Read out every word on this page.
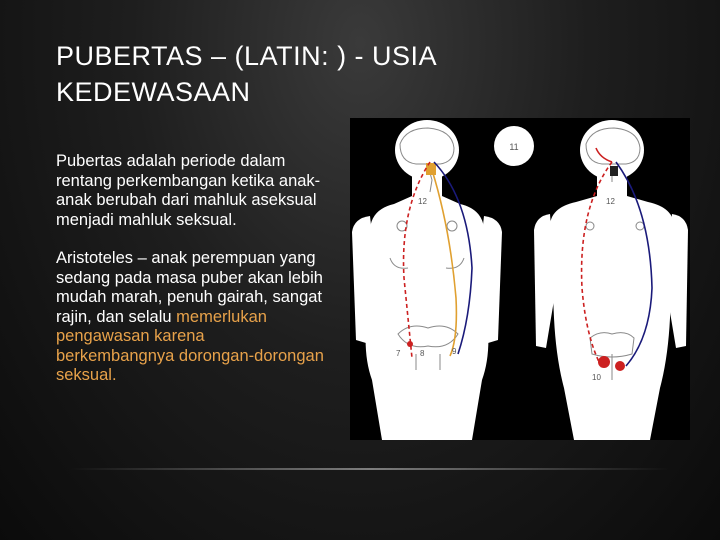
PUBERTAS – (LATIN: ) - USIA
KEDEWASAAN

Pubertas adalah periode dalam rentang perkembangan ketika anak-anak berubah dari mahluk aseksual menjadi mahluk seksual.

Aristoteles – anak perempuan yang sedang pada masa puber akan lebih mudah marah, penuh gairah, sangat rajin, dan selalu memerlukan pengawasan karena berkembangnya dorongan-dorongan seksual.

11
12	12
7 8	9
10
